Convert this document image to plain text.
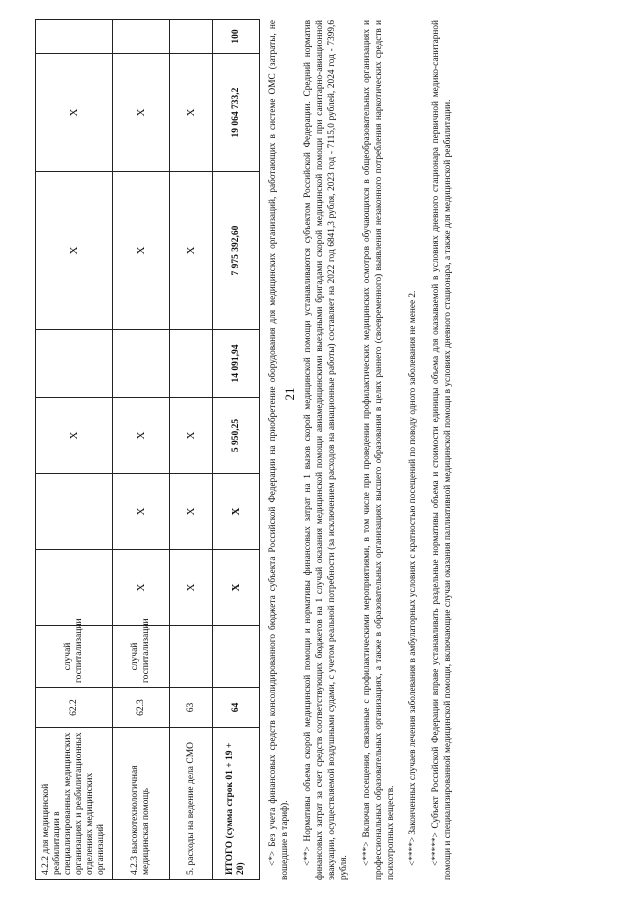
21
4.2.2 для медицинской реабилитации в специализированных медицинских организациях и реабилитационных отделениях медицинских организаций	62.2	случай госпитализации			X		X	X	
4.2.3 высокотехнологичная медицинская помощь	62.3	случай госпитализации	X	X	X		X	X	
5. расходы на ведение дела СМО	63		X	X	X		X	X	
ИТОГО (сумма строк 01 + 19 + 20)	64		X	X	5 950,25	14 091,94	7 975 392,60	19 064 733,2	100	<*> Без учета финансовых средств консолидированного бюджета субъекта Российской Федерации на приобретение оборудования для медицинских организаций, работающих в системе ОМС (затраты, не вошедшие в тариф). <**> Нормативы объема скорой медицинской помощи и нормативы финансовых затрат на 1 вызов скорой медицинской помощи устанавливаются субъектом Российской Федерации. Средний норматив финансовых затрат за счет средств соответствующих бюджетов на 1 случай оказания медицинской помощи авиамедицинскими выездными бригадами скорой медицинской помощи при санитарно-авиационной эвакуации, осуществляемой воздушными судами, с учетом реальной потребности (за исключением расходов на авиационные работы) составляет на 2022 год 6841,3 рубля, 2023 год - 7115,0 рублей, 2024 год - 7399,6 рубля.

<***> Включая посещения, связанные с профилактическими мероприятиями, в том числе при проведении профилактических медицинских осмотров обучающихся в общеобразовательных организациях и профессиональных образовательных организациях, а также в образовательных организациях высшего образования в целях раннего (своевременного) выявления незаконного потребления наркотических средств и психотропных веществ. <****> Законченных случаев лечения заболевания в амбулаторных условиях с кратностью посещений по поводу одного заболевания не менее 2. <*****> Субъект Российской Федерации вправе устанавливать раздельные нормативы объема и стоимости единицы объема для оказываемой в условиях дневного стационара первичной медико-санитарной помощи и специализированной медицинской помощи, включающие случаи оказания паллиативной медицинской помощи в условиях дневного стационара, а также для медицинской реабилитации.
